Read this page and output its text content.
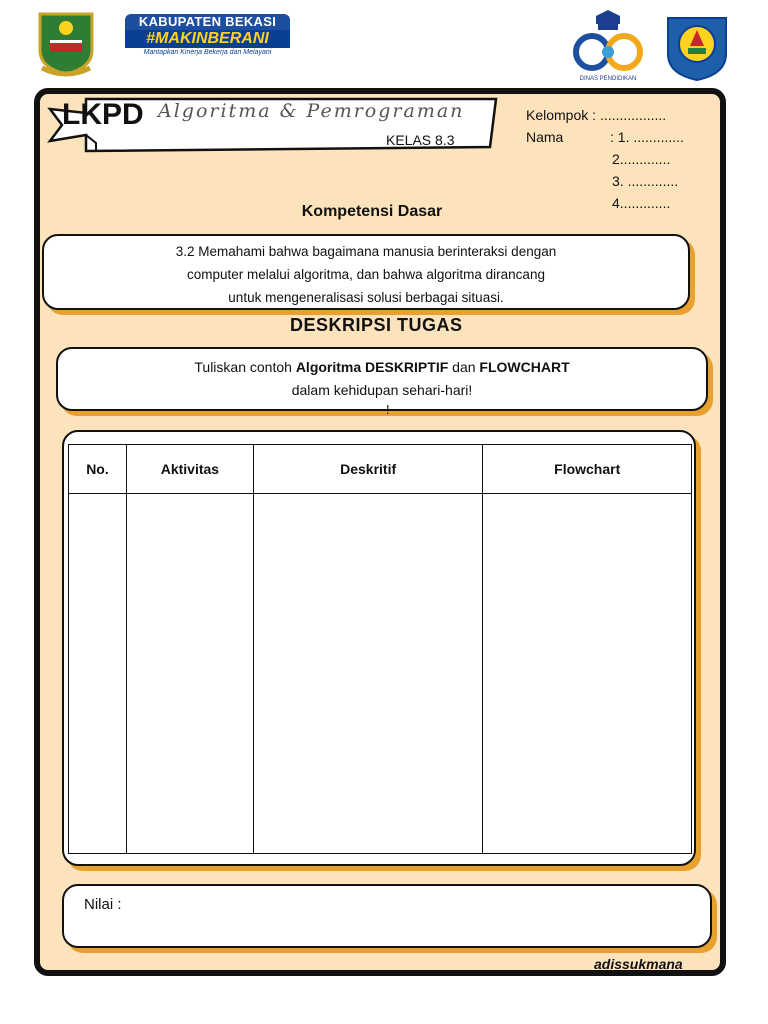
KABUPATEN BEKASI
#MAKINBERANI
Mantapkan Kinerja Bekerja dan Melayani
DINAS PENDIDIKAN
LKPD Algoritma & Pemrograman
KELAS 8.3
Kelompok : .................
Nama	: 1. .............
2.............
3. .............
4.............
Kompetensi Dasar
3.2 Memahami bahwa bagaimana manusia berinteraksi dengan
computer melalui algoritma, dan bahwa algoritma dirancang
untuk mengeneralisasi solusi berbagai situasi.
DESKRIPSI TUGAS
Tuliskan contoh Algoritma DESKRIPTIF dan FLOWCHART
dalam kehidupan sehari-hari!
!
No.	Aktivitas	Deskritif	Flowchart

Nilai :
adissukmana
